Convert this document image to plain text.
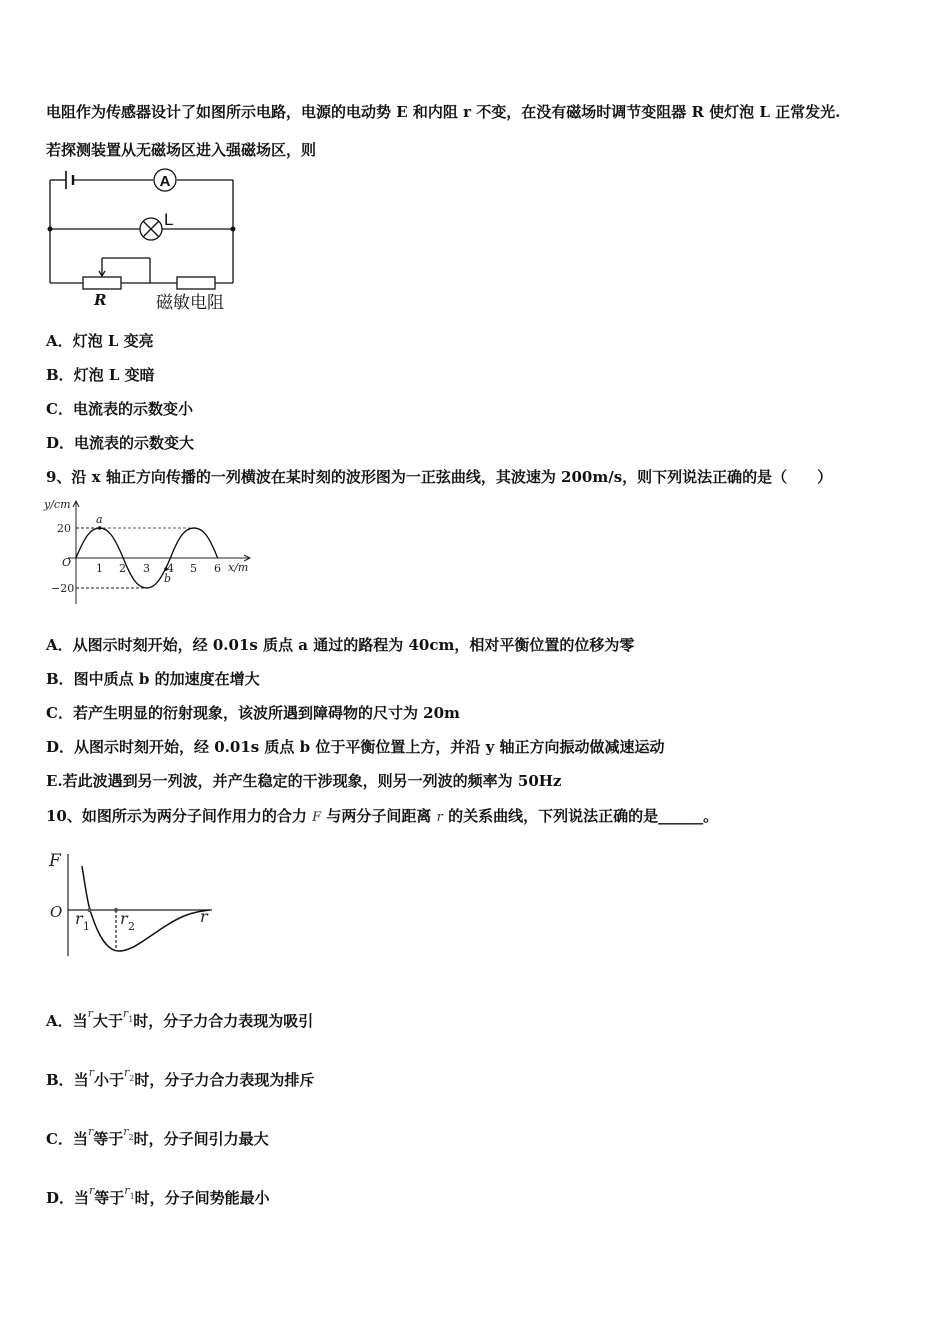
电阻作为传感器设计了如图所示电路，电源的电动势 E 和内阻 r 不变，在没有磁场时调节变阻器 R 使灯泡 L 正常发光.
若探测装置从无磁场区进入强磁场区，则
A
L
R	磁敏电阻
A．灯泡 L 变亮
B．灯泡 L 变暗
C．电流表的示数变小
D．电流表的示数变大
9、沿 x 轴正方向传播的一列横波在某时刻的波形图为一正弦曲线，其波速为 200m/s，则下列说法正确的是（　　）
y/cm
x/m
O
20
−20
1 2 3 4 5 6
a
b
A．从图示时刻开始，经 0.01s 质点 a 通过的路程为 40cm，相对平衡位置的位移为零
B．图中质点 b 的加速度在增大
C．若产生明显的衍射现象，该波所遇到障碍物的尺寸为 20m
D．从图示时刻开始，经 0.01s 质点 b 位于平衡位置上方，并沿 y 轴正方向振动做减速运动
E.若此波遇到另一列波，并产生稳定的干涉现象，则另一列波的频率为 50Hz
10、如图所示为两分子间作用力的合力 F 与两分子间距离 r 的关系曲线，下列说法正确的是______。
F
O	r
r 1 r 2
A．当$^r$大于$^{r1}$时，分子力合力表现为吸引
B．当$^r$小于$^{r2}$时，分子力合力表现为排斥
C．当$^r$等于$^{r2}$时，分子间引力最大
D．当$^r$等于$^{r1}$时，分子间势能最小
